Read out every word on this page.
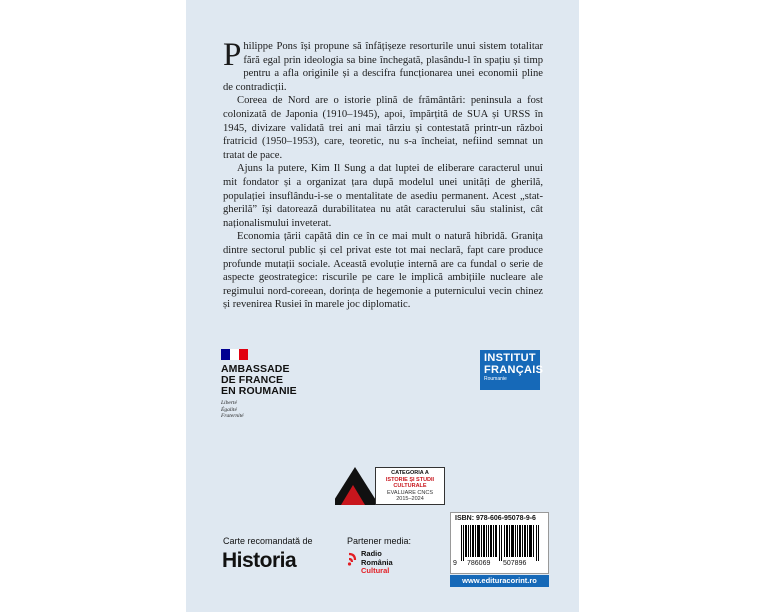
Philippe Pons își propune să înfățișeze resorturile unui sistem totalitar fără egal prin ideologia sa bine închegată, plasându-l în spațiu și timp pentru a afla originile și a descifra funcționarea unei economii pline de contradicții.

Coreea de Nord are o istorie plină de frământări: peninsula a fost colonizată de Japonia (1910–1945), apoi, împărțită de SUA și URSS în 1945, divizare validată trei ani mai târziu și contestată printr-un război fratricid (1950–1953), care, teoretic, nu s-a încheiat, nefiind semnat un tratat de pace.

Ajuns la putere, Kim Il Sung a dat luptei de eliberare caracterul unui mit fondator și a organizat țara după modelul unei unități de gherilă, populației insuflându-i-se o mentalitate de asediu permanent. Acest „stat-gherilă” își datorează durabilitatea nu atât caracterului său stalinist, cât naționalismului inveterat.

Economia țării capătă din ce în ce mai mult o natură hibridă. Granița dintre sectorul public și cel privat este tot mai neclară, fapt care produce profunde mutații sociale. Această evoluție internă are ca fundal o serie de aspecte geostrategice: riscurile pe care le implică ambițiile nucleare ale regimului nord-coreean, dorința de hegemonie a puternicului vecin chinez și revenirea Rusiei în marele joc diplomatic.

AMBASSADE
DE FRANCE
EN ROUMANIE
Liberté
Égalité
Fraternité
INSTITUT
FRANÇAIS
Roumanie
CATEGORIA A
ISTORIE ȘI STUDII
CULTURALE
EVALUARE CNCS
2015–2024
Carte recomandată de
Historia
Partener media:
Radio
România
Cultural
ISBN: 978-606-95078-9-6
9 786069 507896
www.edituracorint.ro
